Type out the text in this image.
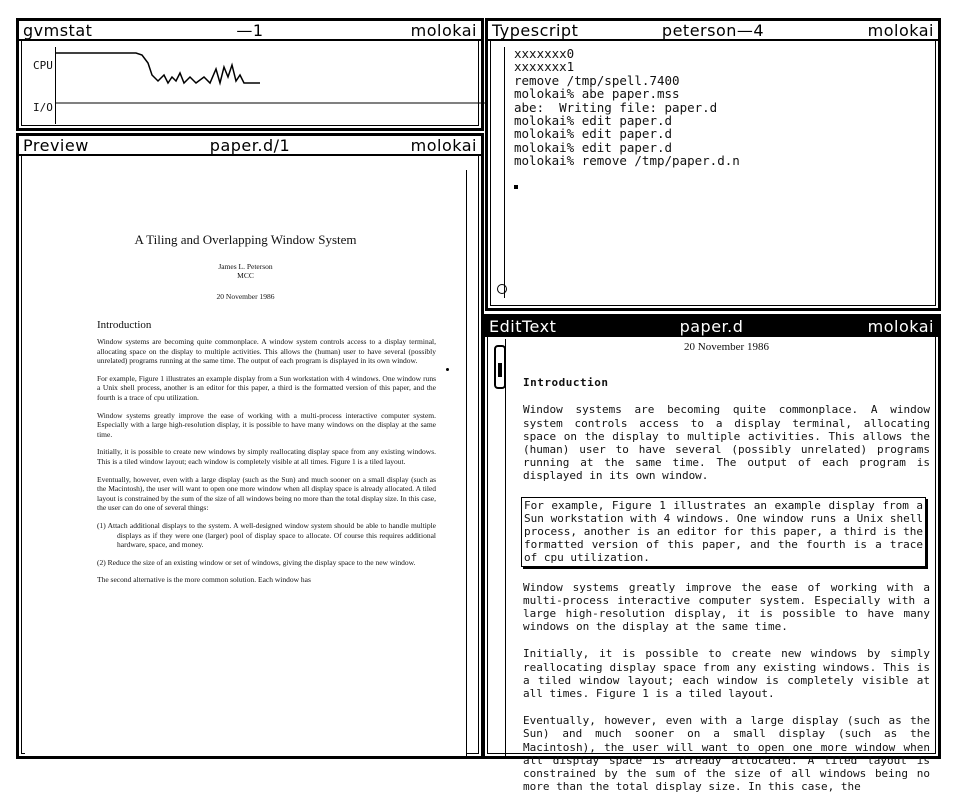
gvmstat	—1	molokai
CPU
I/O
Typescript	peterson—4	molokai
xxxxxxx0
xxxxxxx1
remove /tmp/spell.7400
molokai% abe paper.mss
abe:  Writing file: paper.d
molokai% edit paper.d
molokai% edit paper.d
molokai% edit paper.d
molokai% remove /tmp/paper.d.n
Preview	paper.d/1	molokai
A Tiling and Overlapping Window System
James L. Peterson
MCC
20 November 1986
Introduction
Window systems are becoming quite commonplace. A window system controls access to a display terminal, allocating space on the display to multiple activities. This allows the (human) user to have several (possibly unrelated) programs running at the same time. The output of each program is displayed in its own window.
For example, Figure 1 illustrates an example display from a Sun workstation with 4 windows. One window runs a Unix shell process, another is an editor for this paper, a third is the formatted version of this paper, and the fourth is a trace of cpu utilization.
Window systems greatly improve the ease of working with a multi-process interactive computer system. Especially with a large high-resolution display, it is possible to have many windows on the display at the same time.
Initially, it is possible to create new windows by simply reallocating display space from any existing windows. This is a tiled window layout; each window is completely visible at all times. Figure 1 is a tiled layout.
Eventually, however, even with a large display (such as the Sun) and much sooner on a small display (such as the Macintosh), the user will want to open one more window when all display space is already allocated. A tiled layout is constrained by the sum of the size of all windows being no more than the total display size. In this case, the user can do one of several things:
(1) Attach additional displays to the system. A well-designed window system should be able to handle multiple displays as if they were one (larger) pool of display space to allocate. Of course this requires additional hardware, space, and money.
(2) Reduce the size of an existing window or set of windows, giving the display space to the new window.
The second alternative is the more common solution. Each window has
EditText	paper.d	molokai
20 November 1986
Introduction
Window systems are becoming quite commonplace. A window system controls access to a display terminal, allocating space on the display to multiple activities. This allows the (human) user to have several (possibly unrelated) programs running at the same time. The output of each program is displayed in its own window.
For example, Figure 1 illustrates an example display from a Sun workstation with 4 windows. One window runs a Unix shell process, another is an editor for this paper, a third is the formatted version of this paper, and the fourth is a trace of cpu utilization.
Window systems greatly improve the ease of working with a multi-process interactive computer system. Especially with a large high-resolution display, it is possible to have many windows on the display at the same time.
Initially, it is possible to create new windows by simply reallocating display space from any existing windows. This is a tiled window layout; each window is completely visible at all times. Figure 1 is a tiled layout.
Eventually, however, even with a large display (such as the Sun) and much sooner on a small display (such as the Macintosh), the user will want to open one more window when all display space is already allocated. A tiled layout is constrained by the sum of the size of all windows being no more than the total display size. In this case, the
